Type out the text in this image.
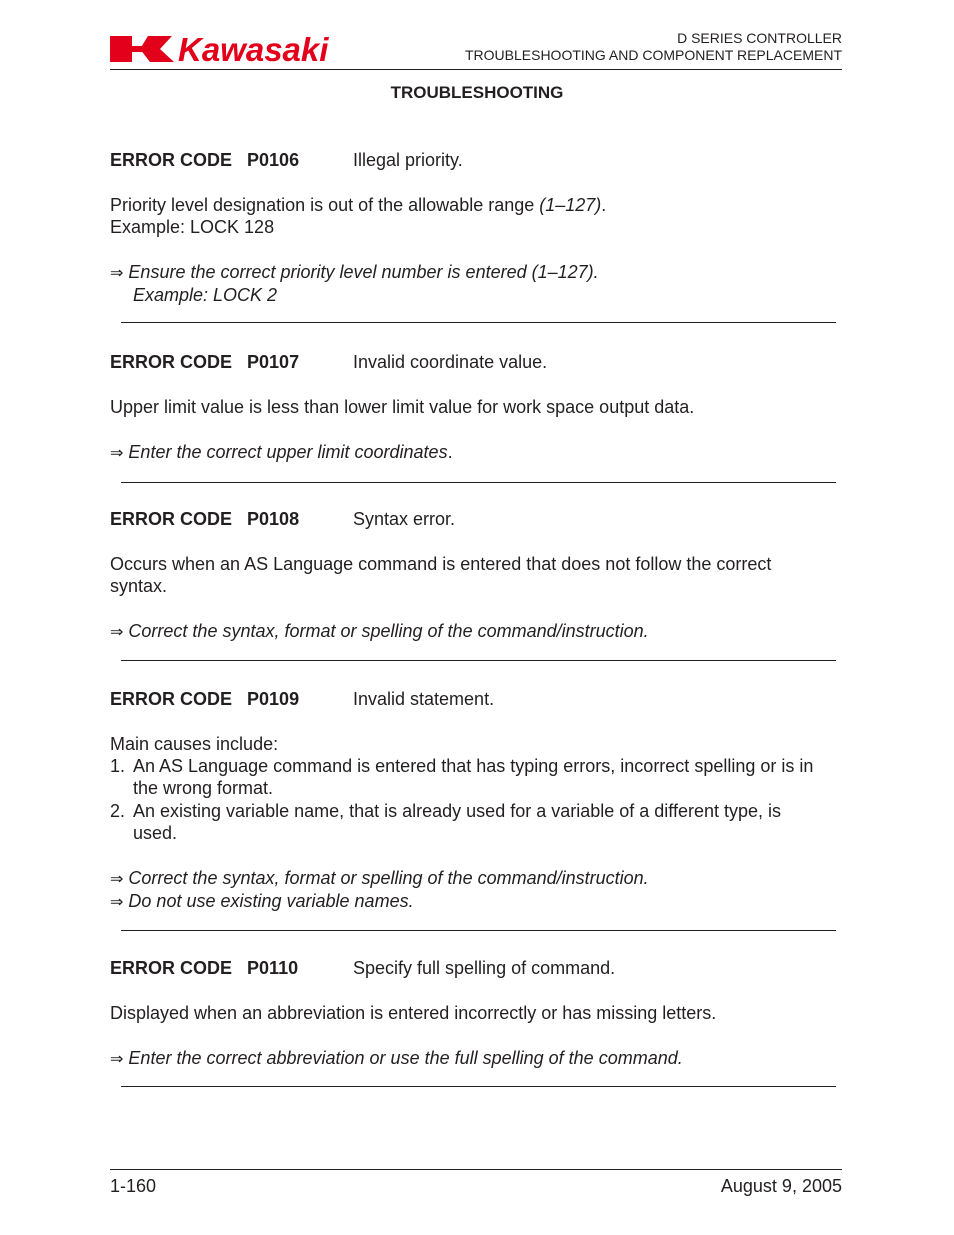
Kawasaki	D SERIES CONTROLLER
TROUBLESHOOTING AND COMPONENT REPLACEMENT
TROUBLESHOOTING
ERROR CODE P0106	Illegal priority.
Priority level designation is out of the allowable range (1–127).
Example: LOCK 128
⇒ Ensure the correct priority level number is entered (1–127).
Example: LOCK 2
ERROR CODE P0107	Invalid coordinate value.
Upper limit value is less than lower limit value for work space output data.
⇒ Enter the correct upper limit coordinates.
ERROR CODE P0108	Syntax error.
Occurs when an AS Language command is entered that does not follow the correct
syntax.
⇒ Correct the syntax, format or spelling of the command/instruction.
ERROR CODE P0109	Invalid statement.
Main causes include:
1. An AS Language command is entered that has typing errors, incorrect spelling or is in
the wrong format.
2. An existing variable name, that is already used for a variable of a different type, is
used.
⇒ Correct the syntax, format or spelling of the command/instruction.
⇒ Do not use existing variable names.
ERROR CODE P0110	Specify full spelling of command.
Displayed when an abbreviation is entered incorrectly or has missing letters.
⇒ Enter the correct abbreviation or use the full spelling of the command.
1-160	August 9, 2005
